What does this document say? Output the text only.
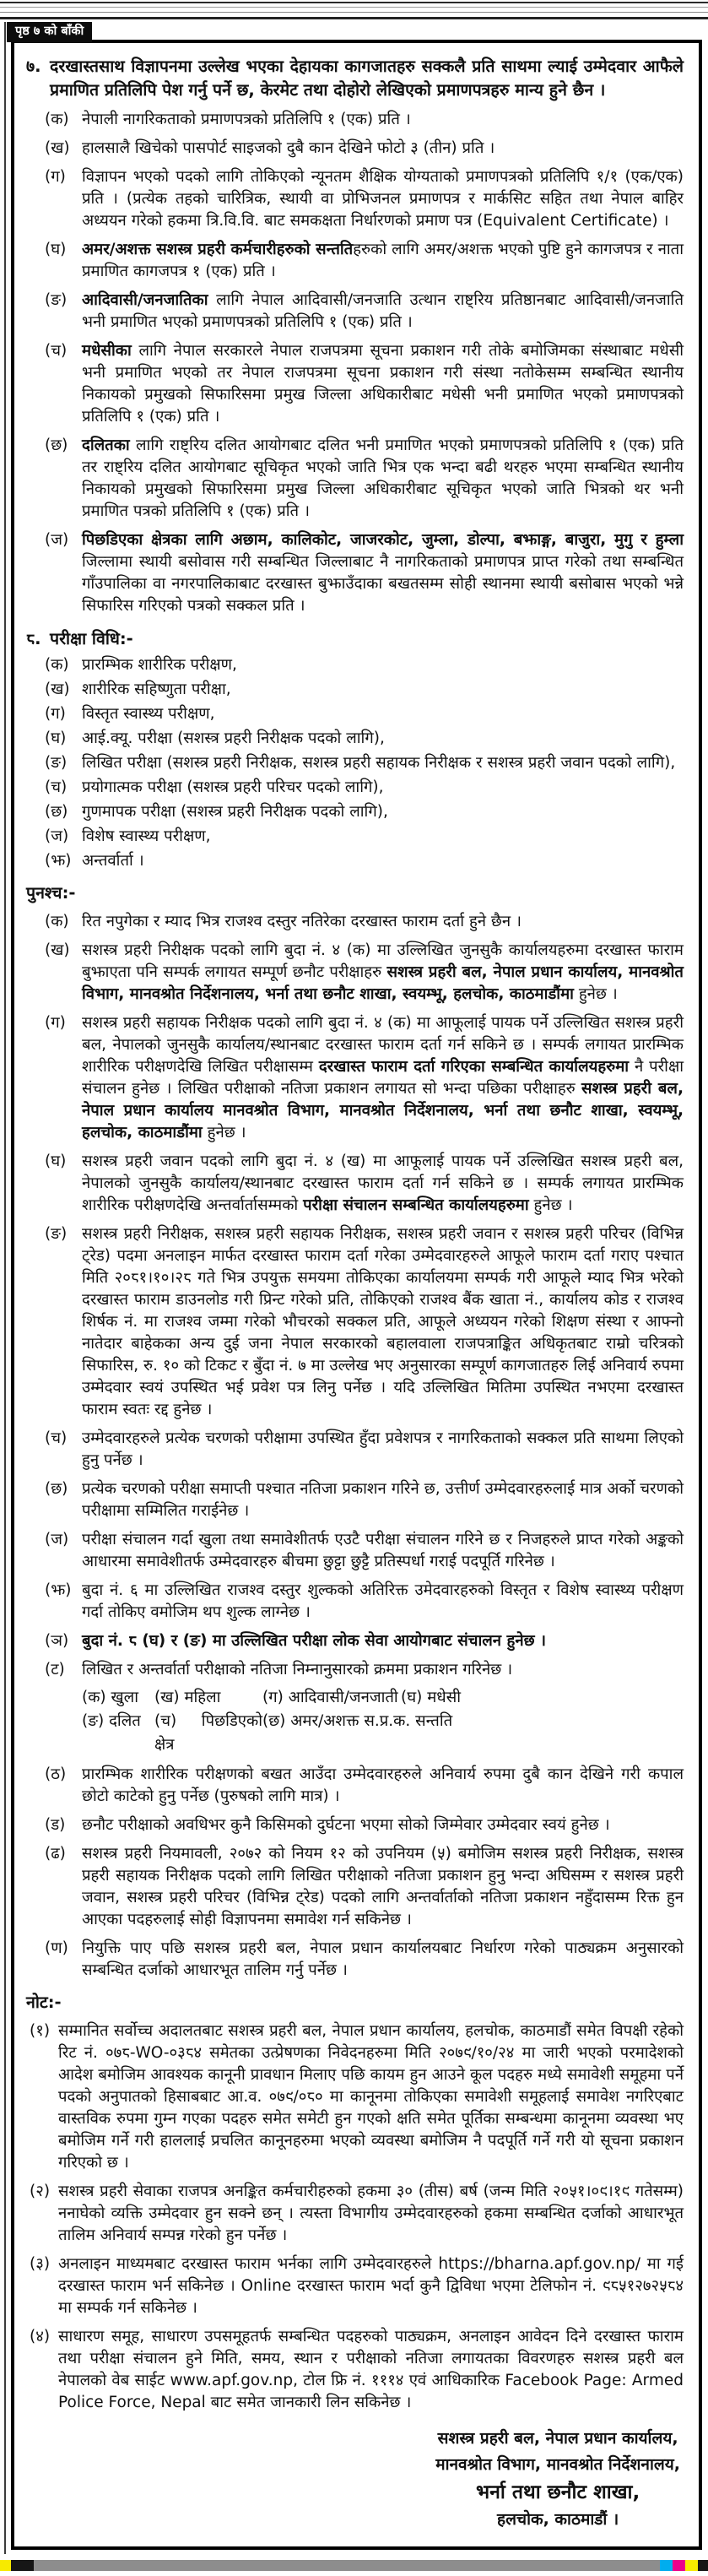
पृष्ठ ७ को बाँकी
७. दरखास्तसाथ विज्ञापनमा उल्लेख भएका देहायका कागजातहरु सक्कलै प्रति साथमा ल्याई उम्मेदवार आफैले प्रमाणित प्रतिलिपि पेश गर्नु पर्ने छ, केरमेट तथा दोहोरो लेखिएको प्रमाणपत्रहरु मान्य हुने छैन ।
(क) नेपाली नागरिकताको प्रमाणपत्रको प्रतिलिपि १ (एक) प्रति ।
(ख) हालसालै खिचेको पासपोर्ट साइजको दुबै कान देखिने फोटो ३ (तीन) प्रति ।
(ग)	विज्ञापन भएको पदको लागि तोकिएको न्यूनतम शैक्षिक योग्यताको प्रमाणपत्रको प्रतिलिपि १/१ (एक/एक) प्रति । (प्रत्येक तहको चारित्रिक, स्थायी वा प्रोभिजनल प्रमाणपत्र र मार्कसिट सहित तथा नेपाल बाहिर अध्ययन गरेको हकमा त्रि.वि.वि. बाट समकक्षता निर्धारणको प्रमाण पत्र (Equivalent Certificate) ।
(घ)	अमर/अशक्त सशस्त्र प्रहरी कर्मचारीहरुको सन्ततिहरुको लागि अमर/अशक्त भएको पुष्टि हुने कागजपत्र र नाता प्रमाणित कागजपत्र १ (एक) प्रति ।
(ङ) आदिवासी/जनजातिका लागि नेपाल आदिवासी/जनजाति उत्थान राष्ट्रिय प्रतिष्ठानबाट आदिवासी/जनजाति भनी प्रमाणित भएको प्रमाणपत्रको प्रतिलिपि १ (एक) प्रति ।
(च) मधेसीका लागि नेपाल सरकारले नेपाल राजपत्रमा सूचना प्रकाशन गरी तोके बमोजिमका संस्थाबाट मधेसी भनी प्रमाणित भएको तर नेपाल राजपत्रमा सूचना प्रकाशन गरी संस्था नतोकेसम्म सम्बन्धित स्थानीय निकायको प्रमुखको सिफारिसमा प्रमुख जिल्ला अधिकारीबाट मधेसी भनी प्रमाणित भएको प्रमाणपत्रको प्रतिलिपि १ (एक) प्रति ।
(छ) दलितका लागि राष्ट्रिय दलित आयोगबाट दलित भनी प्रमाणित भएको प्रमाणपत्रको प्रतिलिपि १ (एक) प्रति तर राष्ट्रिय दलित आयोगबाट सूचिकृत भएको जाति भित्र एक भन्दा बढी थरहरु भएमा सम्बन्धित स्थानीय निकायको प्रमुखको सिफारिसमा प्रमुख जिल्ला अधिकारीबाट सूचिकृत भएको जाति भित्रको थर भनी प्रमाणित पत्रको प्रतिलिपि १ (एक) प्रति ।
(ज) पिछडिएका क्षेत्रका लागि अछाम, कालिकोट, जाजरकोट, जुम्ला, डोल्पा, बझाङ्ग, बाजुरा, मुगु र हुम्ला जिल्लामा स्थायी बसोवास गरी सम्बन्धित जिल्लाबाट नै नागरिकताको प्रमाणपत्र प्राप्त गरेको तथा सम्बन्धित गाँउपालिका वा नगरपालिकाबाट दरखास्त बुझाउँदाका बखतसम्म सोही स्थानमा स्थायी बसोबास भएको भन्ने सिफारिस गरिएको पत्रको सक्कल प्रति ।
८. परीक्षा विधि:-
(क) प्रारम्भिक शारीरिक परीक्षण,
(ख) शारीरिक सहिष्णुता परीक्षा,
(ग)	विस्तृत स्वास्थ्य परीक्षण,
(घ)	आई.क्यू. परीक्षा (सशस्त्र प्रहरी निरीक्षक पदको लागि),
(ङ) लिखित परीक्षा (सशस्त्र प्रहरी निरीक्षक, सशस्त्र प्रहरी सहायक निरीक्षक र सशस्त्र प्रहरी जवान पदको लागि),
(च) प्रयोगात्मक परीक्षा (सशस्त्र प्रहरी परिचर पदको लागि),
(छ) गुणमापक परीक्षा (सशस्त्र प्रहरी निरीक्षक पदको लागि),
(ज) विशेष स्वास्थ्य परीक्षण,
(झ) अन्तर्वार्ता ।
पुनश्च:-
(क) रित नपुगेका र म्याद भित्र राजश्व दस्तुर नतिरेका दरखास्त फाराम दर्ता हुने छैन ।
(ख) सशस्त्र प्रहरी निरीक्षक पदको लागि बुदा नं. ४ (क) मा उल्लिखित जुनसुकै कार्यालयहरुमा दरखास्त फाराम बुझाएता पनि सम्पर्क लगायत सम्पूर्ण छनौट परीक्षाहरु सशस्त्र प्रहरी बल, नेपाल प्रधान कार्यालय, मानवश्रोत विभाग, मानवश्रोत निर्देशनालय, भर्ना तथा छनौट शाखा, स्वयम्भू, हलचोक, काठमाडौंमा हुनेछ ।
(ग)	सशस्त्र प्रहरी सहायक निरीक्षक पदको लागि बुदा नं. ४ (क) मा आफूलाई पायक पर्ने उल्लिखित सशस्त्र प्रहरी बल, नेपालको जुनसुकै कार्यालय/स्थानबाट दरखास्त फाराम दर्ता गर्न सकिने छ । सम्पर्क लगायत प्रारम्भिक शारीरिक परीक्षणदेखि लिखित परीक्षासम्म दरखास्त फाराम दर्ता गरिएका सम्बन्धित कार्यालयहरुमा नै परीक्षा संचालन हुनेछ । लिखित परीक्षाको नतिजा प्रकाशन लगायत सो भन्दा पछिका परीक्षाहरु सशस्त्र प्रहरी बल, नेपाल प्रधान कार्यालय मानवश्रोत विभाग, मानवश्रोत निर्देशनालय, भर्ना तथा छनौट शाखा, स्वयम्भू, हलचोक, काठमाडौंमा हुनेछ ।
(घ)	सशस्त्र प्रहरी जवान पदको लागि बुदा नं. ४ (ख) मा आफूलाई पायक पर्ने उल्लिखित सशस्त्र प्रहरी बल, नेपालको जुनसुकै कार्यालय/स्थानबाट दरखास्त फाराम दर्ता गर्न सकिने छ । सम्पर्क लगायत प्रारम्भिक शारीरिक परीक्षणदेखि अन्तर्वार्तासम्मको परीक्षा संचालन सम्बन्धित कार्यालयहरुमा हुनेछ ।
(ङ) सशस्त्र प्रहरी निरीक्षक, सशस्त्र प्रहरी सहायक निरीक्षक, सशस्त्र प्रहरी जवान र सशस्त्र प्रहरी परिचर (विभिन्न ट्रेड) पदमा अनलाइन मार्फत दरखास्त फाराम दर्ता गरेका उम्मेदवारहरुले आफूले फाराम दर्ता गराए पश्चात मिति २०८१।१०।२८ गते भित्र उपयुक्त समयमा तोकिएका कार्यालयमा सम्पर्क गरी आफूले म्याद भित्र भरेको दरखास्त फाराम डाउनलोड गरी प्रिन्ट गरेको प्रति, तोकिएको राजश्व बैंक खाता नं., कार्यालय कोड र राजश्व शिर्षक नं. मा राजश्व जम्मा गरेको भौचरको सक्कल प्रति, आफूले अध्ययन गरेको शिक्षण संस्था र आफ्नो नातेदार बाहेकका अन्य दुई जना नेपाल सरकारको बहालवाला राजपत्राङ्कित अधिकृतबाट राम्रो चरित्रको सिफारिस, रु. १० को टिकट र बुँदा नं. ७ मा उल्लेख भए अनुसारका सम्पूर्ण कागजातहरु लिई अनिवार्य रुपमा उम्मेदवार स्वयं उपस्थित भई प्रवेश पत्र लिनु पर्नेछ । यदि उल्लिखित मितिमा उपस्थित नभएमा दरखास्त फाराम स्वतः रद्द हुनेछ ।
(च) उम्मेदवारहरुले प्रत्येक चरणको परीक्षामा उपस्थित हुँदा प्रवेशपत्र र नागरिकताको सक्कल प्रति साथमा लिएको हुनु पर्नेछ ।
(छ) प्रत्येक चरणको परीक्षा समाप्ती पश्चात नतिजा प्रकाशन गरिने छ, उत्तीर्ण उम्मेदवारहरुलाई मात्र अर्को चरणको परीक्षामा सम्मिलित गराईनेछ ।
(ज) परीक्षा संचालन गर्दा खुला तथा समावेशीतर्फ एउटै परीक्षा संचालन गरिने छ र निजहरुले प्राप्त गरेको अङ्कको आधारमा समावेशीतर्फ उम्मेदवारहरु बीचमा छुट्टा छुट्टै प्रतिस्पर्धा गराई पदपूर्ति गरिनेछ ।
(झ) बुदा नं. ६ मा उल्लिखित राजश्व दस्तुर शुल्कको अतिरिक्त उमेदवारहरुको विस्तृत र विशेष स्वास्थ्य परीक्षण गर्दा तोकिए वमोजिम थप शुल्क लाग्नेछ ।
(ञ) बुदा नं. ८ (घ) र (ङ) मा उल्लिखित परीक्षा लोक सेवा आयोगबाट संचालन हुनेछ ।
(ट)	लिखित र अन्तर्वार्ता परीक्षाको नतिजा निम्नानुसारको क्रममा प्रकाशन गरिनेछ ।
(क) खुला	(ख) महिला	(ग) आदिवासी/जनजाती (घ) मधेसी
(ङ) दलित (च) पिछडिएको क्षेत्र
(छ) अमर/अशक्त स.प्र.क. सन्तति
(ठ)	प्रारम्भिक शारीरिक परीक्षणको बखत आउँदा उम्मेदवारहरुले अनिवार्य रुपमा दुबै कान देखिने गरी कपाल छोटो काटेको हुनु पर्नेछ (पुरुषको लागि मात्र) ।
(ड)	छनौट परीक्षाको अवधिभर कुनै किसिमको दुर्घटना भएमा सोको जिम्मेवार उम्मेदवार स्वयं हुनेछ ।
(ढ)	सशस्त्र प्रहरी नियमावली, २०७२ को नियम १२ को उपनियम (५) बमोजिम सशस्त्र प्रहरी निरीक्षक, सशस्त्र प्रहरी सहायक निरीक्षक पदको लागि लिखित परीक्षाको नतिजा प्रकाशन हुनु भन्दा अघिसम्म र सशस्त्र प्रहरी जवान, सशस्त्र प्रहरी परिचर (विभिन्न ट्रेड) पदको लागि अन्तर्वार्ताको नतिजा प्रकाशन नहुँदासम्म रिक्त हुन आएका पदहरुलाई सोही विज्ञापनमा समावेश गर्न सकिनेछ ।
(ण) नियुक्ति पाए पछि सशस्त्र प्रहरी बल, नेपाल प्रधान कार्यालयबाट निर्धारण गरेको पाठ्यक्रम अनुसारको सम्बन्धित दर्जाको आधारभूत तालिम गर्नु पर्नेछ ।
नोट:-
(१) सम्मानित सर्वोच्च अदालतबाट सशस्त्र प्रहरी बल, नेपाल प्रधान कार्यालय, हलचोक, काठमाडौं समेत विपक्षी रहेको रिट नं. ०७८-WO-०३८४ समेतका उत्प्रेषणका निवेदनहरुमा मिति २०७९/१०/२४ मा जारी भएको परमादेशको आदेश बमोजिम आवश्यक कानूनी प्रावधान मिलाए पछि कायम हुन आउने कूल पदहरु मध्ये समावेशी समूहमा पर्ने पदको अनुपातको हिसाबबाट आ.व. ०७९/०८० मा कानूनमा तोकिएका समावेशी समूहलाई समावेश नगरिएबाट वास्तविक रुपमा गुम्न गएका पदहरु समेत समेटी हुन गएको क्षति समेत पूर्तिका सम्बन्धमा कानूनमा व्यवस्था भए बमोजिम गर्ने गरी हाललाई प्रचलित कानूनहरुमा भएको व्यवस्था बमोजिम नै पदपूर्ति गर्ने गरी यो सूचना प्रकाशन गरिएको छ ।
(२) सशस्त्र प्रहरी सेवाका राजपत्र अनङ्कित कर्मचारीहरुको हकमा ३० (तीस) बर्ष (जन्म मिति २०५१।०९।१९ गतेसम्म) ननाघेको व्यक्ति उम्मेदवार हुन सक्ने छन् । त्यस्ता विभागीय उम्मेदवारहरुको हकमा सम्बन्धित दर्जाको आधारभूत तालिम अनिवार्य सम्पन्न गरेको हुन पर्नेछ ।
(३) अनलाइन माध्यमबाट दरखास्त फाराम भर्नका लागि उम्मेदवारहरुले https://bharna.apf.gov.np/ मा गई दरखास्त फाराम भर्न सकिनेछ । Online दरखास्त फाराम भर्दा कुनै द्विविधा भएमा टेलिफोन नं. ९८५१२७२५८४ मा सम्पर्क गर्न सकिनेछ ।
(४) साधारण समूह, साधारण उपसमूहतर्फ सम्बन्धित पदहरुको पाठ्यक्रम, अनलाइन आवेदन दिने दरखास्त फाराम तथा परीक्षा संचालन हुने मिति, समय, स्थान र परीक्षाको नतिजा लगायतका विवरणहरु सशस्त्र प्रहरी बल नेपालको वेब साईट www.apf.gov.np, टोल फ्रि नं. १११४ एवं आधिकारिक Facebook Page: Armed Police Force, Nepal बाट समेत जानकारी लिन सकिनेछ ।
सशस्त्र प्रहरी बल, नेपाल प्रधान कार्यालय,
मानवश्रोत विभाग, मानवश्रोत निर्देशनालय,
भर्ना तथा छनौट शाखा,
हलचोक, काठमाडौं ।
